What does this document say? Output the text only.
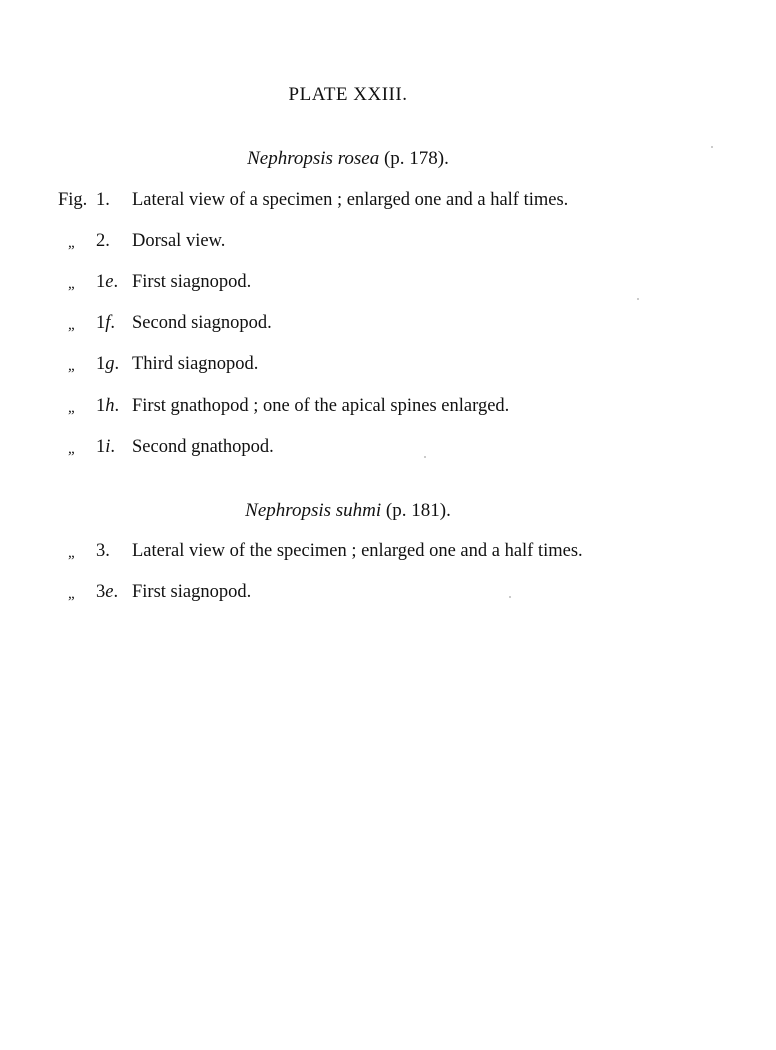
PLATE XXIII.
Nephropsis rosea (p. 178).
Fig. 1.	Lateral view of a specimen ; enlarged one and a half times.
„	2.	Dorsal view.
„	1e. First siagnopod.
„	1f. Second siagnopod.
„	1g. Third siagnopod.
„	1h. First gnathopod ; one of the apical spines enlarged.
„	1i. Second gnathopod.
Nephropsis suhmi (p. 181).
„	3.	Lateral view of the specimen ; enlarged one and a half times.
„	3e. First siagnopod.
